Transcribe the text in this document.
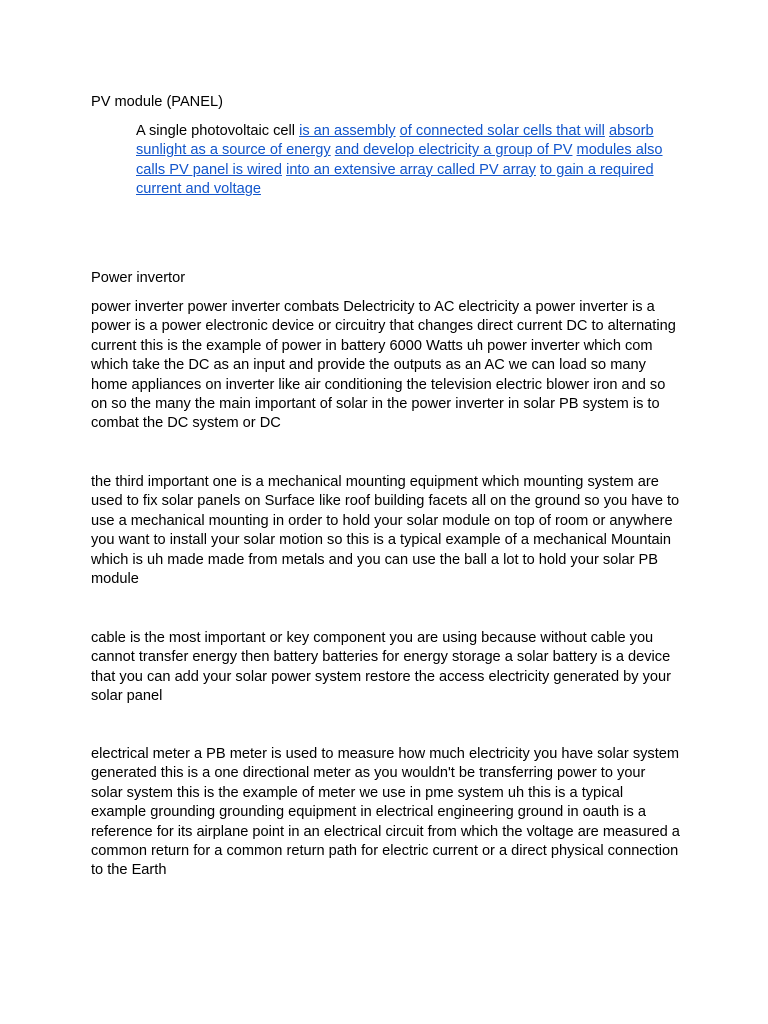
PV module (PANEL)

A single photovoltaic cell is an assembly of connected solar cells that will absorb sunlight as a source of energy and develop electricity a group of PV modules also calls PV panel is wired into an extensive array called PV array to gain a required current and voltage

Power invertor

power inverter power inverter combats Delectricity to AC electricity a power inverter is a power is a power electronic device or circuitry that changes direct current DC to alternating current this is the example of power in battery 6000 Watts uh power inverter which com which take the DC as an input and provide the outputs as an AC we can load so many home appliances on inverter like air conditioning the television electric blower iron and so on so the many the main important of solar in the power inverter in solar PB system is to combat the DC system or DC

the third important one is a mechanical mounting equipment which mounting system are used to fix solar panels on Surface like roof building facets all on the ground so you have to use a mechanical mounting in order to hold your solar module on top of room or anywhere you want to install your solar motion so this is a typical example of a mechanical Mountain which is uh made made from metals and you can use the ball a lot to hold your solar PB module

cable is the most important or key component you are using because without cable you cannot transfer energy then battery batteries for energy storage a solar battery is a device that you can add your solar power system restore the access electricity generated by your solar panel

electrical meter a PB meter is used to measure how much electricity you have solar system generated this is a one directional meter as you wouldn't be transferring power to your solar system this is the example of meter we use in pme system uh this is a typical example grounding grounding equipment in electrical engineering ground in oauth is a reference for its airplane point in an electrical circuit from which the voltage are measured a common return for a common return path for electric current or a direct physical connection to the Earth
